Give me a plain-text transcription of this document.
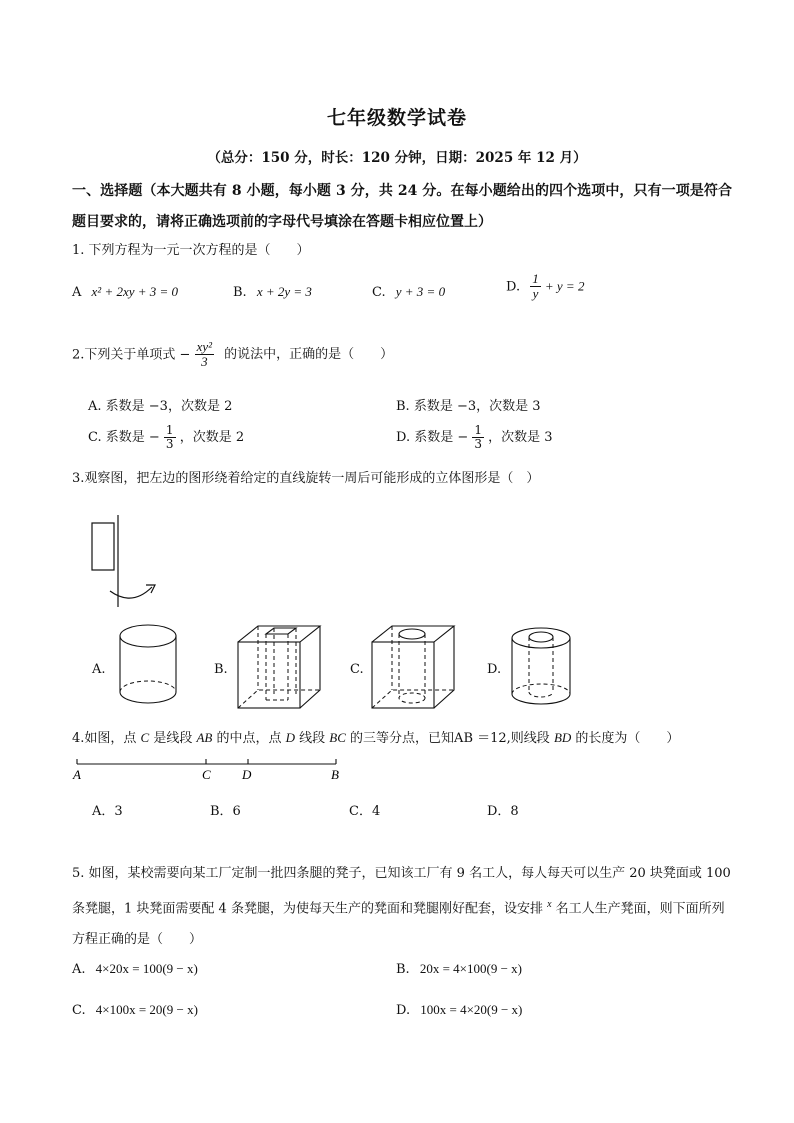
七年级数学试卷
（总分：150 分，时长：120 分钟，日期：2025 年 12 月）
一、选择题（本大题共有 8 小题，每小题 3 分，共 24 分。在每小题给出的四个选项中，只有一项是符合题目要求的，请将正确选项前的字母代号填涂在答题卡相应位置上）
1. 下列方程为一元一次方程的是（　　）
A x² + 2xy + 3 = 0	B. x + 2y = 3	C. y + 3 = 0	D. $\frac{1}{y} + y = 2$
2.下列关于单项式 − $\frac{\text{xy²}}{3}$ 的说法中，正确的是（　　）
A. 系数是 −3，次数是 2	B. 系数是 −3，次数是 3
C. 系数是 − $\frac{1}{3}$ ，次数是 2	D. 系数是 − $\frac{1}{3}$ ，次数是 3
3.观察图，把左边的图形绕着给定的直线旋转一周后可能形成的立体图形是（　）
A.	B.	C.	D.
4.如图，点 C 是线段 AB 的中点，点 D 线段 BC 的三等分点，已知AB ＝12,则线段 BD 的长度为（　　）
A	C D	B
A．3	B．6	C．4	D．8
5. 如图，某校需要向某工厂定制一批四条腿的凳子，已知该工厂有 9 名工人，每人每天可以生产 20 块凳面或 100 条凳腿，1 块凳面需要配 4 条凳腿，为使每天生产的凳面和凳腿刚好配套，设安排 $^x$ 名工人生产凳面，则下面所列方程正确的是（　　）
A. 4×20x = 100(9 − x)	B. 20x = 4×100(9 − x)
C. 4×100x = 20(9 − x)	D. 100x = 4×20(9 − x)
